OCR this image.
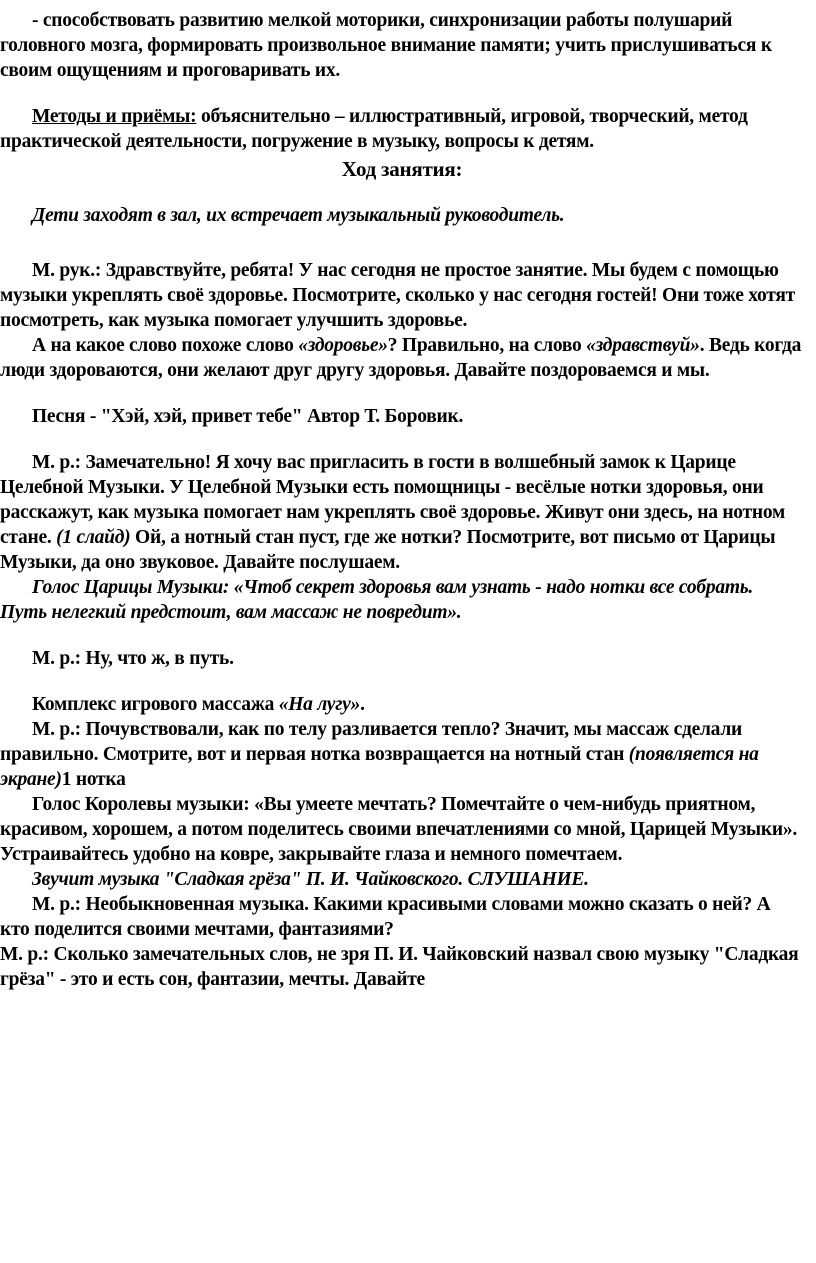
- способствовать развитию мелкой моторики, синхронизации работы полушарий головного мозга, формировать произвольное внимание памяти; учить прислушиваться к своим ощущениям и проговаривать их.

Методы и приёмы: объяснительно – иллюстративный, игровой, творческий, метод практической деятельности, погружение в музыку, вопросы к детям.

Ход занятия:

Дети заходят в зал, их встречает музыкальный руководитель.

М. рук.: Здравствуйте, ребята! У нас сегодня не простое занятие. Мы будем с помощью музыки укреплять своё здоровье. Посмотрите, сколько у нас сегодня гостей! Они тоже хотят посмотреть, как музыка помогает улучшить здоровье.

А на какое слово похоже слово «здоровье»? Правильно, на слово «здравствуй». Ведь когда люди здороваются, они желают друг другу здоровья. Давайте поздороваемся и мы.

Песня - "Хэй, хэй, привет тебе" Автор Т. Боровик.

М. р.: Замечательно! Я хочу вас пригласить в гости в волшебный замок к Царице Целебной Музыки. У Целебной Музыки есть помощницы - весёлые нотки здоровья, они расскажут, как музыка помогает нам укреплять своё здоровье. Живут они здесь, на нотном стане. (1 слайд) Ой, а нотный стан пуст, где же нотки? Посмотрите, вот письмо от Царицы Музыки, да оно звуковое. Давайте послушаем.

Голос Царицы Музыки: «Чтоб секрет здоровья вам узнать - надо нотки все собрать. Путь нелегкий предстоит, вам массаж не повредит».

М. р.: Ну, что ж, в путь.

Комплекс игрового массажа «На лугу».

М. р.: Почувствовали, как по телу разливается тепло? Значит, мы массаж сделали правильно. Смотрите, вот и первая нотка возвращается на нотный стан (появляется на экране)1 нотка

Голос Королевы музыки: «Вы умеете мечтать? Помечтайте о чем-нибудь приятном, красивом, хорошем, а потом поделитесь своими впечатлениями со мной, Царицей Музыки». Устраивайтесь удобно на ковре, закрывайте глаза и немного помечтаем.

Звучит музыка "Сладкая грёза" П. И. Чайковского. СЛУШАНИЕ.

М. р.: Необыкновенная музыка. Какими красивыми словами можно сказать о ней? А кто поделится своими мечтами, фантазиями?

М. р.: Сколько замечательных слов, не зря П. И. Чайковский назвал свою музыку "Сладкая грёза" - это и есть сон, фантазии, мечты. Давайте
